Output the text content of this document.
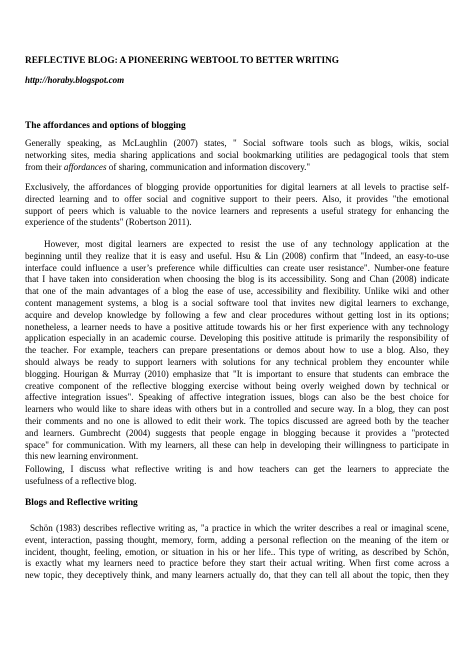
REFLECTIVE BLOG: A PIONEERING WEBTOOL TO BETTER WRITING
http://horaby.blogspot.com
The affordances and options of blogging
Generally speaking, as McLaughlin (2007) states, " Social software tools such as blogs, wikis, social
networking sites, media sharing applications and social bookmarking utilities are pedagogical tools that stem
from their affordances of sharing, communication and information discovery."
Exclusively, the affordances of blogging provide opportunities for digital learners at all levels to practise self-
directed learning and to offer social and cognitive support to their peers. Also, it provides "the emotional
support of peers which is valuable to the novice learners and represents a useful strategy for enhancing the
experience of the students" (Robertson 2011).
However, most digital learners are expected to resist the use of any technology application at the
beginning until they realize that it is easy and useful. Hsu & Lin (2008) confirm that "Indeed, an easy-to-use
interface could influence a user’s preference while difficulties can create user resistance". Number-one feature
that I have taken into consideration when choosing the blog is its accessibility. Song and Chan (2008) indicate
that one of the main advantages of a blog the ease of use, accessibility and flexibility. Unlike wiki and other
content management systems, a blog is a social software tool that invites new digital learners to exchange,
acquire and develop knowledge by following a few and clear procedures without getting lost in its options;
nonetheless, a learner needs to have a positive attitude towards his or her first experience with any technology
application especially in an academic course. Developing this positive attitude is primarily the responsibility of
the teacher. For example, teachers can prepare presentations or demos about how to use a blog. Also, they
should always be ready to support learners with solutions for any technical problem they encounter while
blogging. Hourigan & Murray (2010) emphasize that "It is important to ensure that students can embrace the
creative component of the reflective blogging exercise without being overly weighed down by technical or
affective integration issues". Speaking of affective integration issues, blogs can also be the best choice for
learners who would like to share ideas with others but in a controlled and secure way. In a blog, they can post
their comments and no one is allowed to edit their work. The topics discussed are agreed both by the teacher
and learners. Gumbrecht (2004) suggests that people engage in blogging because it provides a "protected
space" for communication. With my learners, all these can help in developing their willingness to participate in
this new learning environment.
Following, I discuss what reflective writing is and how teachers can get the learners to appreciate the
usefulness of a reflective blog.
Blogs and Reflective writing
Schön (1983) describes reflective writing as, "a practice in which the writer describes a real or imaginal scene,
event, interaction, passing thought, memory, form, adding a personal reflection on the meaning of the item or
incident, thought, feeling, emotion, or situation in his or her life.. This type of writing, as described by Schön,
is exactly what my learners need to practice before they start their actual writing. When first come across a
new topic, they deceptively think, and many learners actually do, that they can tell all about the topic, then they
